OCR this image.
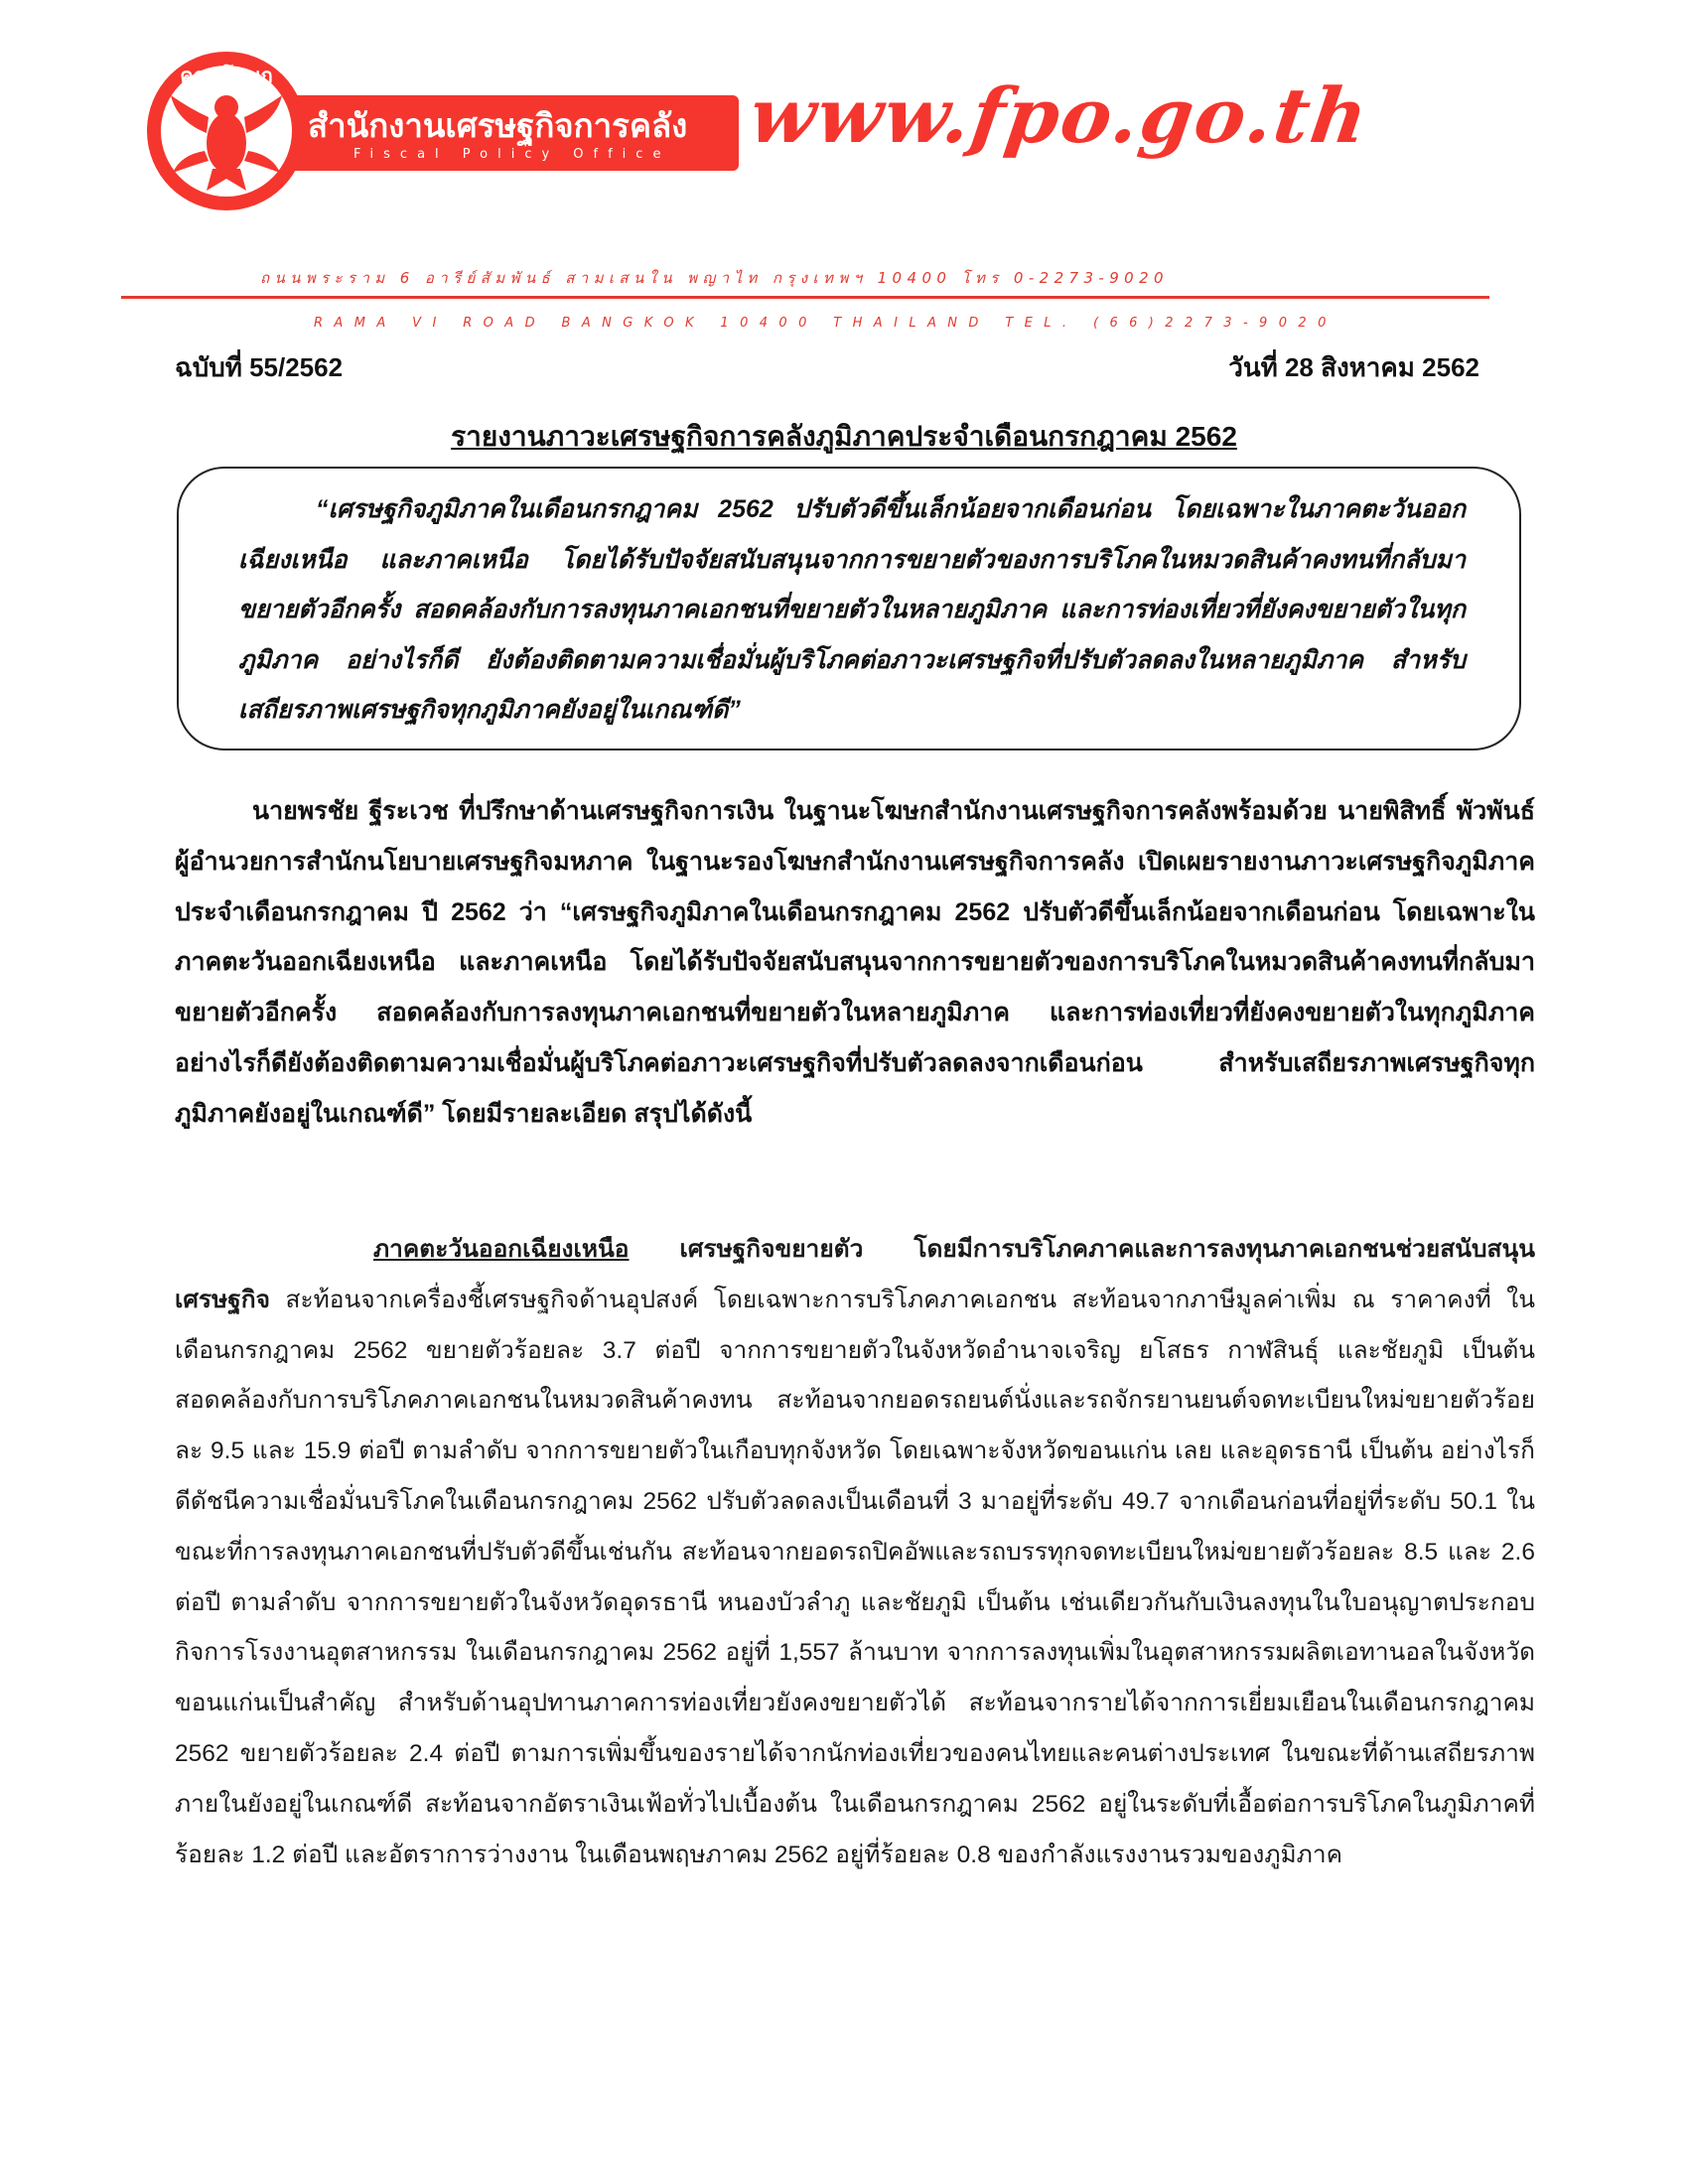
คณะโฆษก
สำนักงานเศรษฐกิจการคลัง
Fiscal Policy Office www.fpo.go.th
ถนนพระราม 6 อารีย์สัมพันธ์ สามเสนใน พญาไท กรุงเทพฯ 10400 โทร 0-2273-9020
RAMA VI ROAD BANGKOK 10400 THAILAND TEL. (66)2273-9020
ฉบับที่ 55/2562	วันที่ 28 สิงหาคม 2562
รายงานภาวะเศรษฐกิจการคลังภูมิภาคประจำเดือนกรกฎาคม 2562
“เศรษฐกิจภูมิภาคในเดือนกรกฎาคม 2562 ปรับตัวดีขึ้นเล็กน้อยจากเดือนก่อน โดยเฉพาะในภาคตะวันออกเฉียงเหนือ และภาคเหนือ โดยได้รับปัจจัยสนับสนุนจากการขยายตัวของการบริโภคในหมวดสินค้าคงทนที่กลับมาขยายตัวอีกครั้ง สอดคล้องกับการลงทุนภาคเอกชนที่ขยายตัวในหลายภูมิภาค และการท่องเที่ยวที่ยังคงขยายตัวในทุกภูมิภาค อย่างไรก็ดี ยังต้องติดตามความเชื่อมั่นผู้บริโภคต่อภาวะเศรษฐกิจที่ปรับตัวลดลงในหลายภูมิภาค สำหรับเสถียรภาพเศรษฐกิจทุกภูมิภาคยังอยู่ในเกณฑ์ดี”
นายพรชัย ฐีระเวช ที่ปรึกษาด้านเศรษฐกิจการเงิน ในฐานะโฆษกสำนักงานเศรษฐกิจการคลังพร้อมด้วย นายพิสิทธิ์ พัวพันธ์ ผู้อำนวยการสำนักนโยบายเศรษฐกิจมหภาค ในฐานะรองโฆษกสำนักงานเศรษฐกิจการคลัง เปิดเผยรายงานภาวะเศรษฐกิจภูมิภาคประจำเดือนกรกฎาคม ปี 2562 ว่า “เศรษฐกิจภูมิภาคในเดือนกรกฎาคม 2562 ปรับตัวดีขึ้นเล็กน้อยจากเดือนก่อน โดยเฉพาะในภาคตะวันออกเฉียงเหนือ และภาคเหนือ โดยได้รับปัจจัยสนับสนุนจากการขยายตัวของการบริโภคในหมวดสินค้าคงทนที่กลับมาขยายตัวอีกครั้ง สอดคล้องกับการลงทุนภาคเอกชนที่ขยายตัวในหลายภูมิภาค และการท่องเที่ยวที่ยังคงขยายตัวในทุกภูมิภาค อย่างไรก็ดียังต้องติดตามความเชื่อมั่นผู้บริโภคต่อภาวะเศรษฐกิจที่ปรับตัวลดลงจากเดือนก่อน สำหรับเสถียรภาพเศรษฐกิจทุกภูมิภาคยังอยู่ในเกณฑ์ดี” โดยมีรายละเอียด สรุปได้ดังนี้
ภาคตะวันออกเฉียงเหนือ เศรษฐกิจขยายตัว โดยมีการบริโภคภาคและการลงทุนภาคเอกชนช่วยสนับสนุนเศรษฐกิจ สะท้อนจากเครื่องชี้เศรษฐกิจด้านอุปสงค์ โดยเฉพาะการบริโภคภาคเอกชน สะท้อนจากภาษีมูลค่าเพิ่ม ณ ราคาคงที่ ในเดือนกรกฎาคม 2562 ขยายตัวร้อยละ 3.7 ต่อปี จากการขยายตัวในจังหวัดอำนาจเจริญ ยโสธร กาฬสินธุ์ และชัยภูมิ เป็นต้น สอดคล้องกับการบริโภคภาคเอกชนในหมวดสินค้าคงทน สะท้อนจากยอดรถยนต์นั่งและรถจักรยานยนต์จดทะเบียนใหม่ขยายตัวร้อยละ 9.5 และ 15.9 ต่อปี ตามลำดับ จากการขยายตัวในเกือบทุกจังหวัด โดยเฉพาะจังหวัดขอนแก่น เลย และอุดรธานี เป็นต้น อย่างไรก็ดีดัชนีความเชื่อมั่นบริโภคในเดือนกรกฎาคม 2562 ปรับตัวลดลงเป็นเดือนที่ 3 มาอยู่ที่ระดับ 49.7 จากเดือนก่อนที่อยู่ที่ระดับ 50.1 ในขณะที่การลงทุนภาคเอกชนที่ปรับตัวดีขึ้นเช่นกัน สะท้อนจากยอดรถปิคอัพและรถบรรทุกจดทะเบียนใหม่ขยายตัวร้อยละ 8.5 และ 2.6 ต่อปี ตามลำดับ จากการขยายตัวในจังหวัดอุดรธานี หนองบัวลำภู และชัยภูมิ เป็นต้น เช่นเดียวกันกับเงินลงทุนในใบอนุญาตประกอบกิจการโรงงานอุตสาหกรรม ในเดือนกรกฎาคม 2562 อยู่ที่ 1,557 ล้านบาท จากการลงทุนเพิ่มในอุตสาหกรรมผลิตเอทานอลในจังหวัดขอนแก่นเป็นสำคัญ สำหรับด้านอุปทานภาคการท่องเที่ยวยังคงขยายตัวได้ สะท้อนจากรายได้จากการเยี่ยมเยือนในเดือนกรกฎาคม 2562 ขยายตัวร้อยละ 2.4 ต่อปี ตามการเพิ่มขึ้นของรายได้จากนักท่องเที่ยวของคนไทยและคนต่างประเทศ ในขณะที่ด้านเสถียรภาพภายในยังอยู่ในเกณฑ์ดี สะท้อนจากอัตราเงินเฟ้อทั่วไปเบื้องต้น ในเดือนกรกฎาคม 2562 อยู่ในระดับที่เอื้อต่อการบริโภคในภูมิภาคที่ร้อยละ 1.2 ต่อปี และอัตราการว่างงาน ในเดือนพฤษภาคม 2562 อยู่ที่ร้อยละ 0.8 ของกำลังแรงงานรวมของภูมิภาค
